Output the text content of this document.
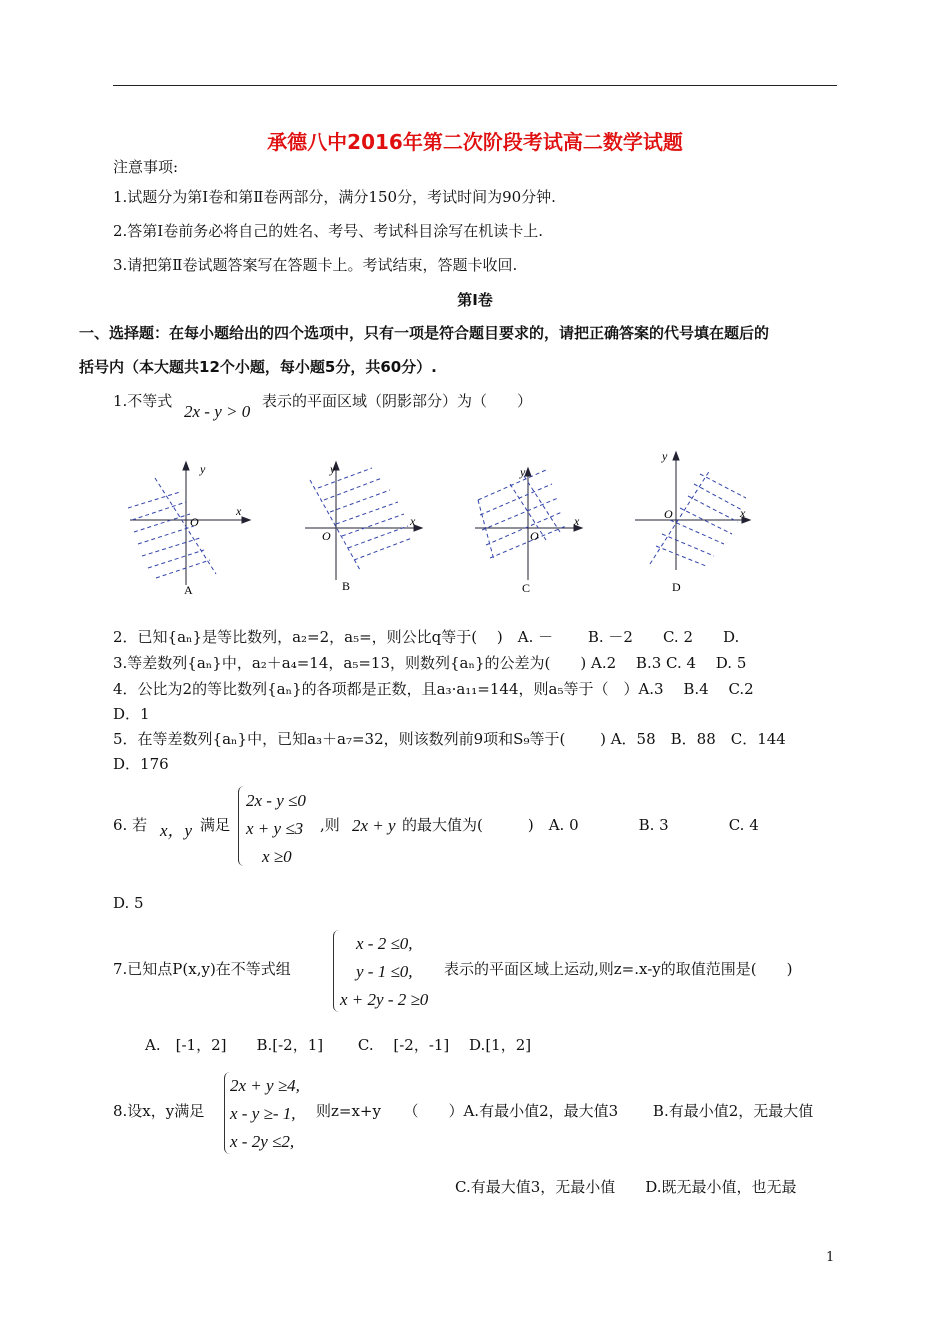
承德八中2016年第二次阶段考试高二数学试题
注意事项:
1.试题分为第Ⅰ卷和第Ⅱ卷两部分，满分150分，考试时间为90分钟.
2.答第Ⅰ卷前务必将自己的姓名、考号、考试科目涂写在机读卡上.
3.请把第Ⅱ卷试题答案写在答题卡上。考试结束，答题卡收回.
第Ⅰ卷
一、选择题：在每小题给出的四个选项中，只有一项是符合题目要求的，请把正确答案的代号填在题后的
括号内（本大题共12个小题，每小题5分，共60分）.
1.不等式
2x - y > 0
表示的平面区域（阴影部分）为（　　）
y
x
O
A
y
x
O
B
y
x
O
C
y
x
O
D
2．已知{aₙ}是等比数列，a₂=2，a₅=，则公比q等于(　 )　A. －　　 B. －2　　C. 2　　D.
3.等差数列{aₙ}中，a₂＋a₄=14，a₅=13，则数列{aₙ}的公差为(　　) A.2　 B.3 C. 4　 D. 5
4．公比为2的等比数列{aₙ}的各项都是正数，且a₃·a₁₁=144，则a₅等于（　）A.3　 B.4　 C.2
D．1
5．在等差数列{aₙ}中，已知a₃＋a₇=32，则该数列前9项和S₉等于(　　 ) A．58　B．88　C．144
D．176
6. 若 x，y 满足
2x - y ≤0
x + y ≤3
x ≥0
,则 2x + y 的最大值为(　　　)　A. 0　　　　B. 3　　　　C. 4
D. 5
7.已知点P(x,y)在不等式组
x - 2 ≤0,
y - 1 ≤0,
x + 2y - 2 ≥0
表示的平面区域上运动,则z=.x-y的取值范围是(　　)
A.　[-1，2]　　B.[-2，1]　　 C.　 [-2，-1]　 D.[1，2]
8.设x，y满足
2x + y ≥4,
x - y ≥- 1,
x - 2y ≤2,
则z=x+y　　（　　）A.有最小值2，最大值3　　 B.有最小值2，无最大值
C.有最大值3，无最小值　　D.既无最小值，也无最
1
